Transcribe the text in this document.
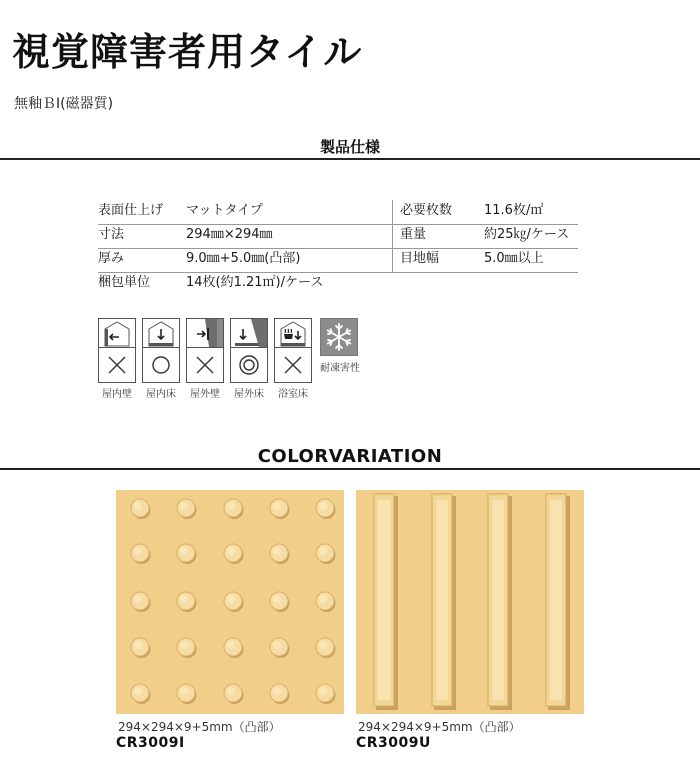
視覚障害者用タイル
無釉ＢⅠ(磁器質)
製品仕様
表面仕上げ マットタイプ	必要枚数 11.6枚/㎡
寸法	294㎜×294㎜	重量	約25㎏/ケース
厚み	9.0㎜+5.0㎜(凸部)	目地幅	5.0㎜以上
梱包単位	14枚(約1.21㎡)/ケース
屋内壁	屋内床	屋外壁	屋外床	浴室床
耐凍害性
COLORVARIATION
294×294×9+5mm（凸部）
CR3009I
294×294×9+5mm（凸部）
CR3009U
